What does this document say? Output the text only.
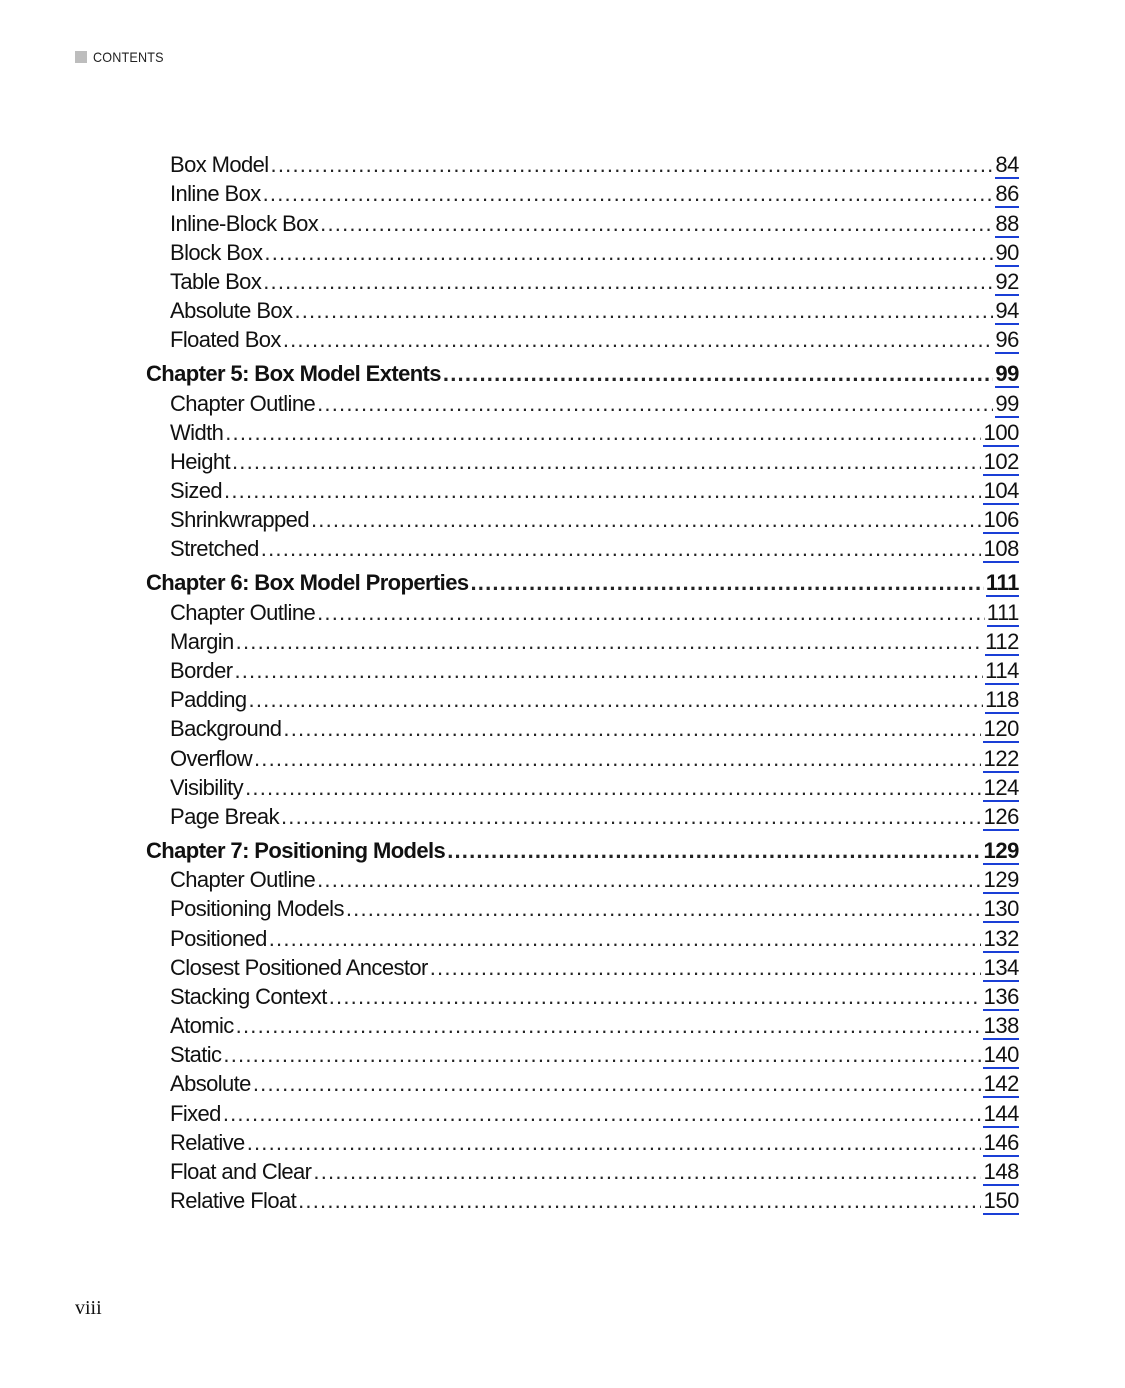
CONTENTS
Box Model .....	84
Inline Box .....	86
Inline-Block Box .....	88
Block Box .....	90
Table Box .....	92
Absolute Box .....	94
Floated Box .....	96
Chapter 5: Box Model Extents .....	99
Chapter Outline .....	99
Width .....	100
Height .....	102
Sized .....	104
Shrinkwrapped .....	106
Stretched .....	108
Chapter 6: Box Model Properties .....	111
Chapter Outline .....	111
Margin .....	112
Border .....	114
Padding .....	118
Background .....	120
Overflow .....	122
Visibility .....	124
Page Break .....	126
Chapter 7: Positioning Models .....	129
Chapter Outline .....	129
Positioning Models .....	130
Positioned .....	132
Closest Positioned Ancestor .....	134
Stacking Context .....	136
Atomic .....	138
Static .....	140
Absolute .....	142
Fixed .....	144
Relative .....	146
Float and Clear .....	148
Relative Float .....	150
viii
